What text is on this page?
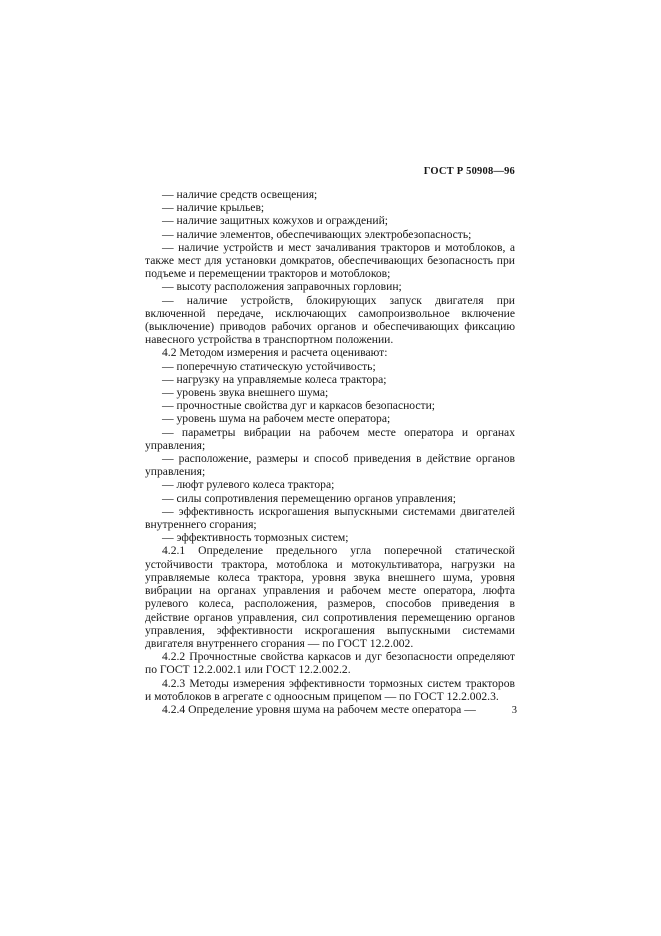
ГОСТ Р 50908—96

— наличие средств освещения;

— наличие крыльев;

— наличие защитных кожухов и ограждений;

— наличие элементов, обеспечивающих электробезопасность;

— наличие устройств и мест зачаливания тракторов и мотоблоков, а также мест для установки домкратов, обеспечивающих безопасность при подъеме и перемещении тракторов и мотоблоков;

— высоту расположения заправочных горловин;

— наличие устройств, блокирующих запуск двигателя при включенной передаче, исключающих самопроизвольное включение (выключение) приводов рабочих органов и обеспечивающих фиксацию навесного устройства в транспортном положении.

4.2 Методом измерения и расчета оценивают:

— поперечную статическую устойчивость;

— нагрузку на управляемые колеса трактора;

— уровень звука внешнего шума;

— прочностные свойства дуг и каркасов безопасности;

— уровень шума на рабочем месте оператора;

— параметры вибрации на рабочем месте оператора и органах управления;

— расположение, размеры и способ приведения в действие органов управления;

— люфт рулевого колеса трактора;

— силы сопротивления перемещению органов управления;

— эффективность искрогашения выпускными системами двигателей внутреннего сгорания;

— эффективность тормозных систем;

4.2.1 Определение предельного угла поперечной статической устойчивости трактора, мотоблока и мотокультиватора, нагрузки на управляемые колеса трактора, уровня звука внешнего шума, уровня вибрации на органах управления и рабочем месте оператора, люфта рулевого колеса, расположения, размеров, способов приведения в действие органов управления, сил сопротивления перемещению органов управления, эффективности искрогашения выпускными системами двигателя внутреннего сгорания — по ГОСТ 12.2.002.

4.2.2 Прочностные свойства каркасов и дуг безопасности определяют по ГОСТ 12.2.002.1 или ГОСТ 12.2.002.2.

4.2.3 Методы измерения эффективности тормозных систем тракторов и мотоблоков в агрегате с одноосным прицепом — по ГОСТ 12.2.002.3.

4.2.4 Определение уровня шума на рабочем месте оператора —	3
